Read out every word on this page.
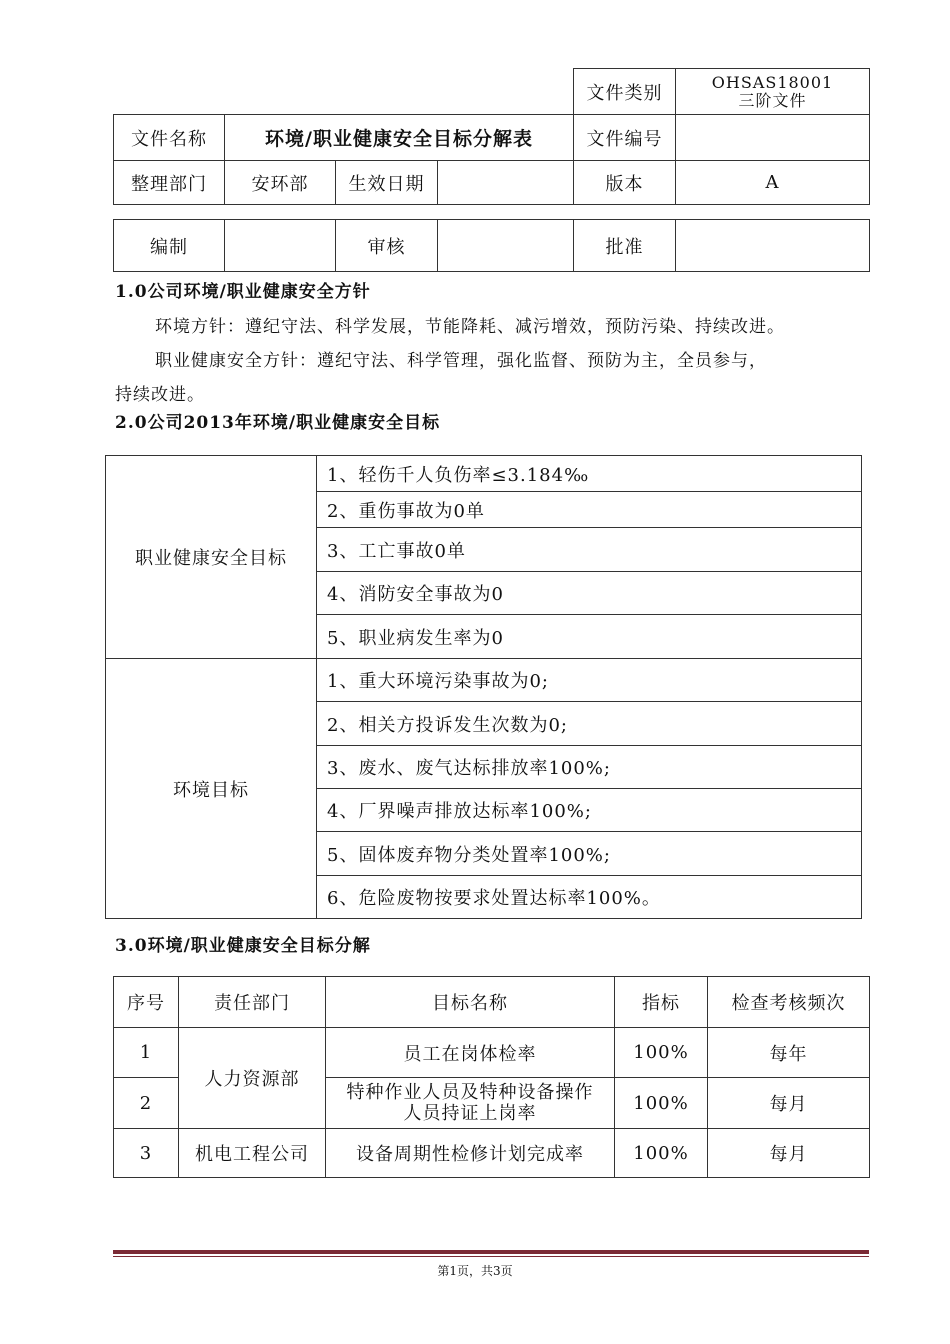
				文件类别	OHSAS18001
三阶文件

文件名称	环境/职业健康安全目标分解表			文件编号	
整理部门	安环部	生效日期		版本	A
编制		审核		批准	
1.0公司环境/职业健康安全方针
环境方针：遵纪守法、科学发展，节能降耗、减污增效，预防污染、持续改进。
职业健康安全方针：遵纪守法、科学管理，强化监督、预防为主，全员参与，
持续改进。
2.0公司2013年环境/职业健康安全目标
职业健康安全目标	1、轻伤千人负伤率≤3.184‰
	2、重伤事故为0单
	3、工亡事故0单
	4、消防安全事故为0
	5、职业病发生率为0
环境目标	1、重大环境污染事故为0;
	2、相关方投诉发生次数为0;
	3、废水、废气达标排放率100%;
	4、厂界噪声排放达标率100%;
	5、固体废弃物分类处置率100%;
	6、危险废物按要求处置达标率100%。
3.0环境/职业健康安全目标分解
序号	责任部门	目标名称	指标	检查考核频次
1	人力资源部	员工在岗体检率	100%	每年
2		特种作业人员及特种设备操作
人员持证上岗率	100%	每月
3	机电工程公司	设备周期性检修计划完成率	100%	每月
第1页，共3页
